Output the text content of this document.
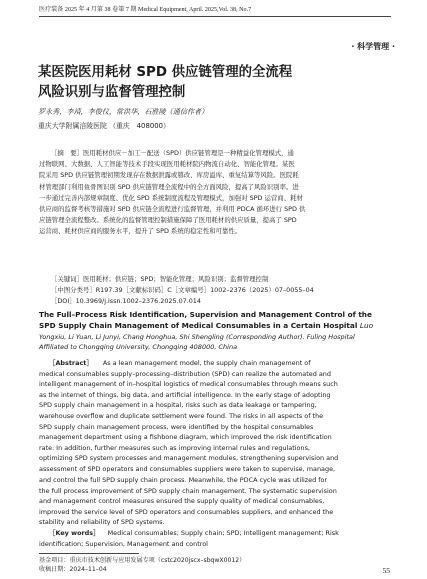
医疗装备 2025 年 4 月第 38 卷第 7 期 Medical Equipment, April. 2025,Vol. 38, No.7
· 科学管理 ·
某医院医用耗材 SPD 供应链管理的全流程
风险识别与监督管理控制
罗永秀，李靖，李俊仪，常洪华，石胜陵（通信作者）
重庆大学附属涪陵医院 （重庆　408000）
［摘　要］医用耗材供应－加工－配送（SPD）供应链管理是一种精益化管理模式，通
过物联网、大数据、人工智能等技术手段实现医用耗材院内物流自动化、智能化管理。某医
院采用 SPD 供应链管理初期发现存在数据泄露或篡改、库房溢库、重复结算等风险。医院耗
材管理部门利用鱼骨图识别 SPD 供应链管理全流程中的全方面风险，提高了风险识别率。进
一步通过完善内部规章制度、优化 SPD 系统制度流程及管理模式，加强对 SPD 运营商、耗材
供应商的监督考核等措施对 SPD 供应链全流程进行监督管理，并利用 PDCA 循环进行 SPD 供
应链管理全流程整改。系统化的监督管理控制措施保障了医用耗材的供应质量，提高了 SPD
运营商、耗材供应商的服务水平，提升了 SPD 系统的稳定性和可靠性。
［关键词］医用耗材；供应链；SPD；智能化管理；风险识别；监督管理控制
［中图分类号］R197.39［文献标识码］C［文章编号］1002–2376（2025）07–0055–04
［DOI］10.3969/j.issn.1002–2376.2025.07.014
The Full–Process Risk Identification, Supervision and Management Control of the
SPD Supply Chain Management of Medical Consumables in a Certain Hospital Luo
Yongxiu, Li Yuan, Li Junyi, Chang Honghua, Shi Shengling (Corresponding Author). Fuling Hospital
Affiliated to Chongqing University, Chongqing 408000, China
［Abstract］ As a lean management model, the supply chain management of
medical consumables supply–processing–distribution (SPD) can realize the automated and
intelligent management of in–hospital logistics of medical consumables through means such
as the internet of things, big data, and artificial intelligence. In the early stage of adopting
SPD supply chain management in a hospital, risks such as data leakage or tampering,
warehouse overflow and duplicate settlement were found. The risks in all aspects of the
SPD supply chain management process, were identified by the hospital consumables
management department using a fishbone diagram, which improved the risk identification
rate. In addition, further measures such as improving internal rules and regulations,
optimizing SPD system processes and management modules, strengthening supervision and
assessment of SPD operators and consumables suppliers were taken to supervise, manage,
and control the full SPD supply chain process. Meanwhile, the PDCA cycle was utilized for
the full process improvement of SPD supply chain management. The systematic supervision
and management control measures ensured the supply quality of medical consumables,
improved the service level of SPD operators and consumables suppliers, and enhanced the
stability and reliability of SPD systems.
［Key words］ Medical consumables; Supply chain; SPD; Intelligent management; Risk
identification; Supervision, Management and control
基金项目：重庆市技术创新与应用发展专项（cstc2020jscx–sbqwX0012）
收稿日期：2024–11–04	55
